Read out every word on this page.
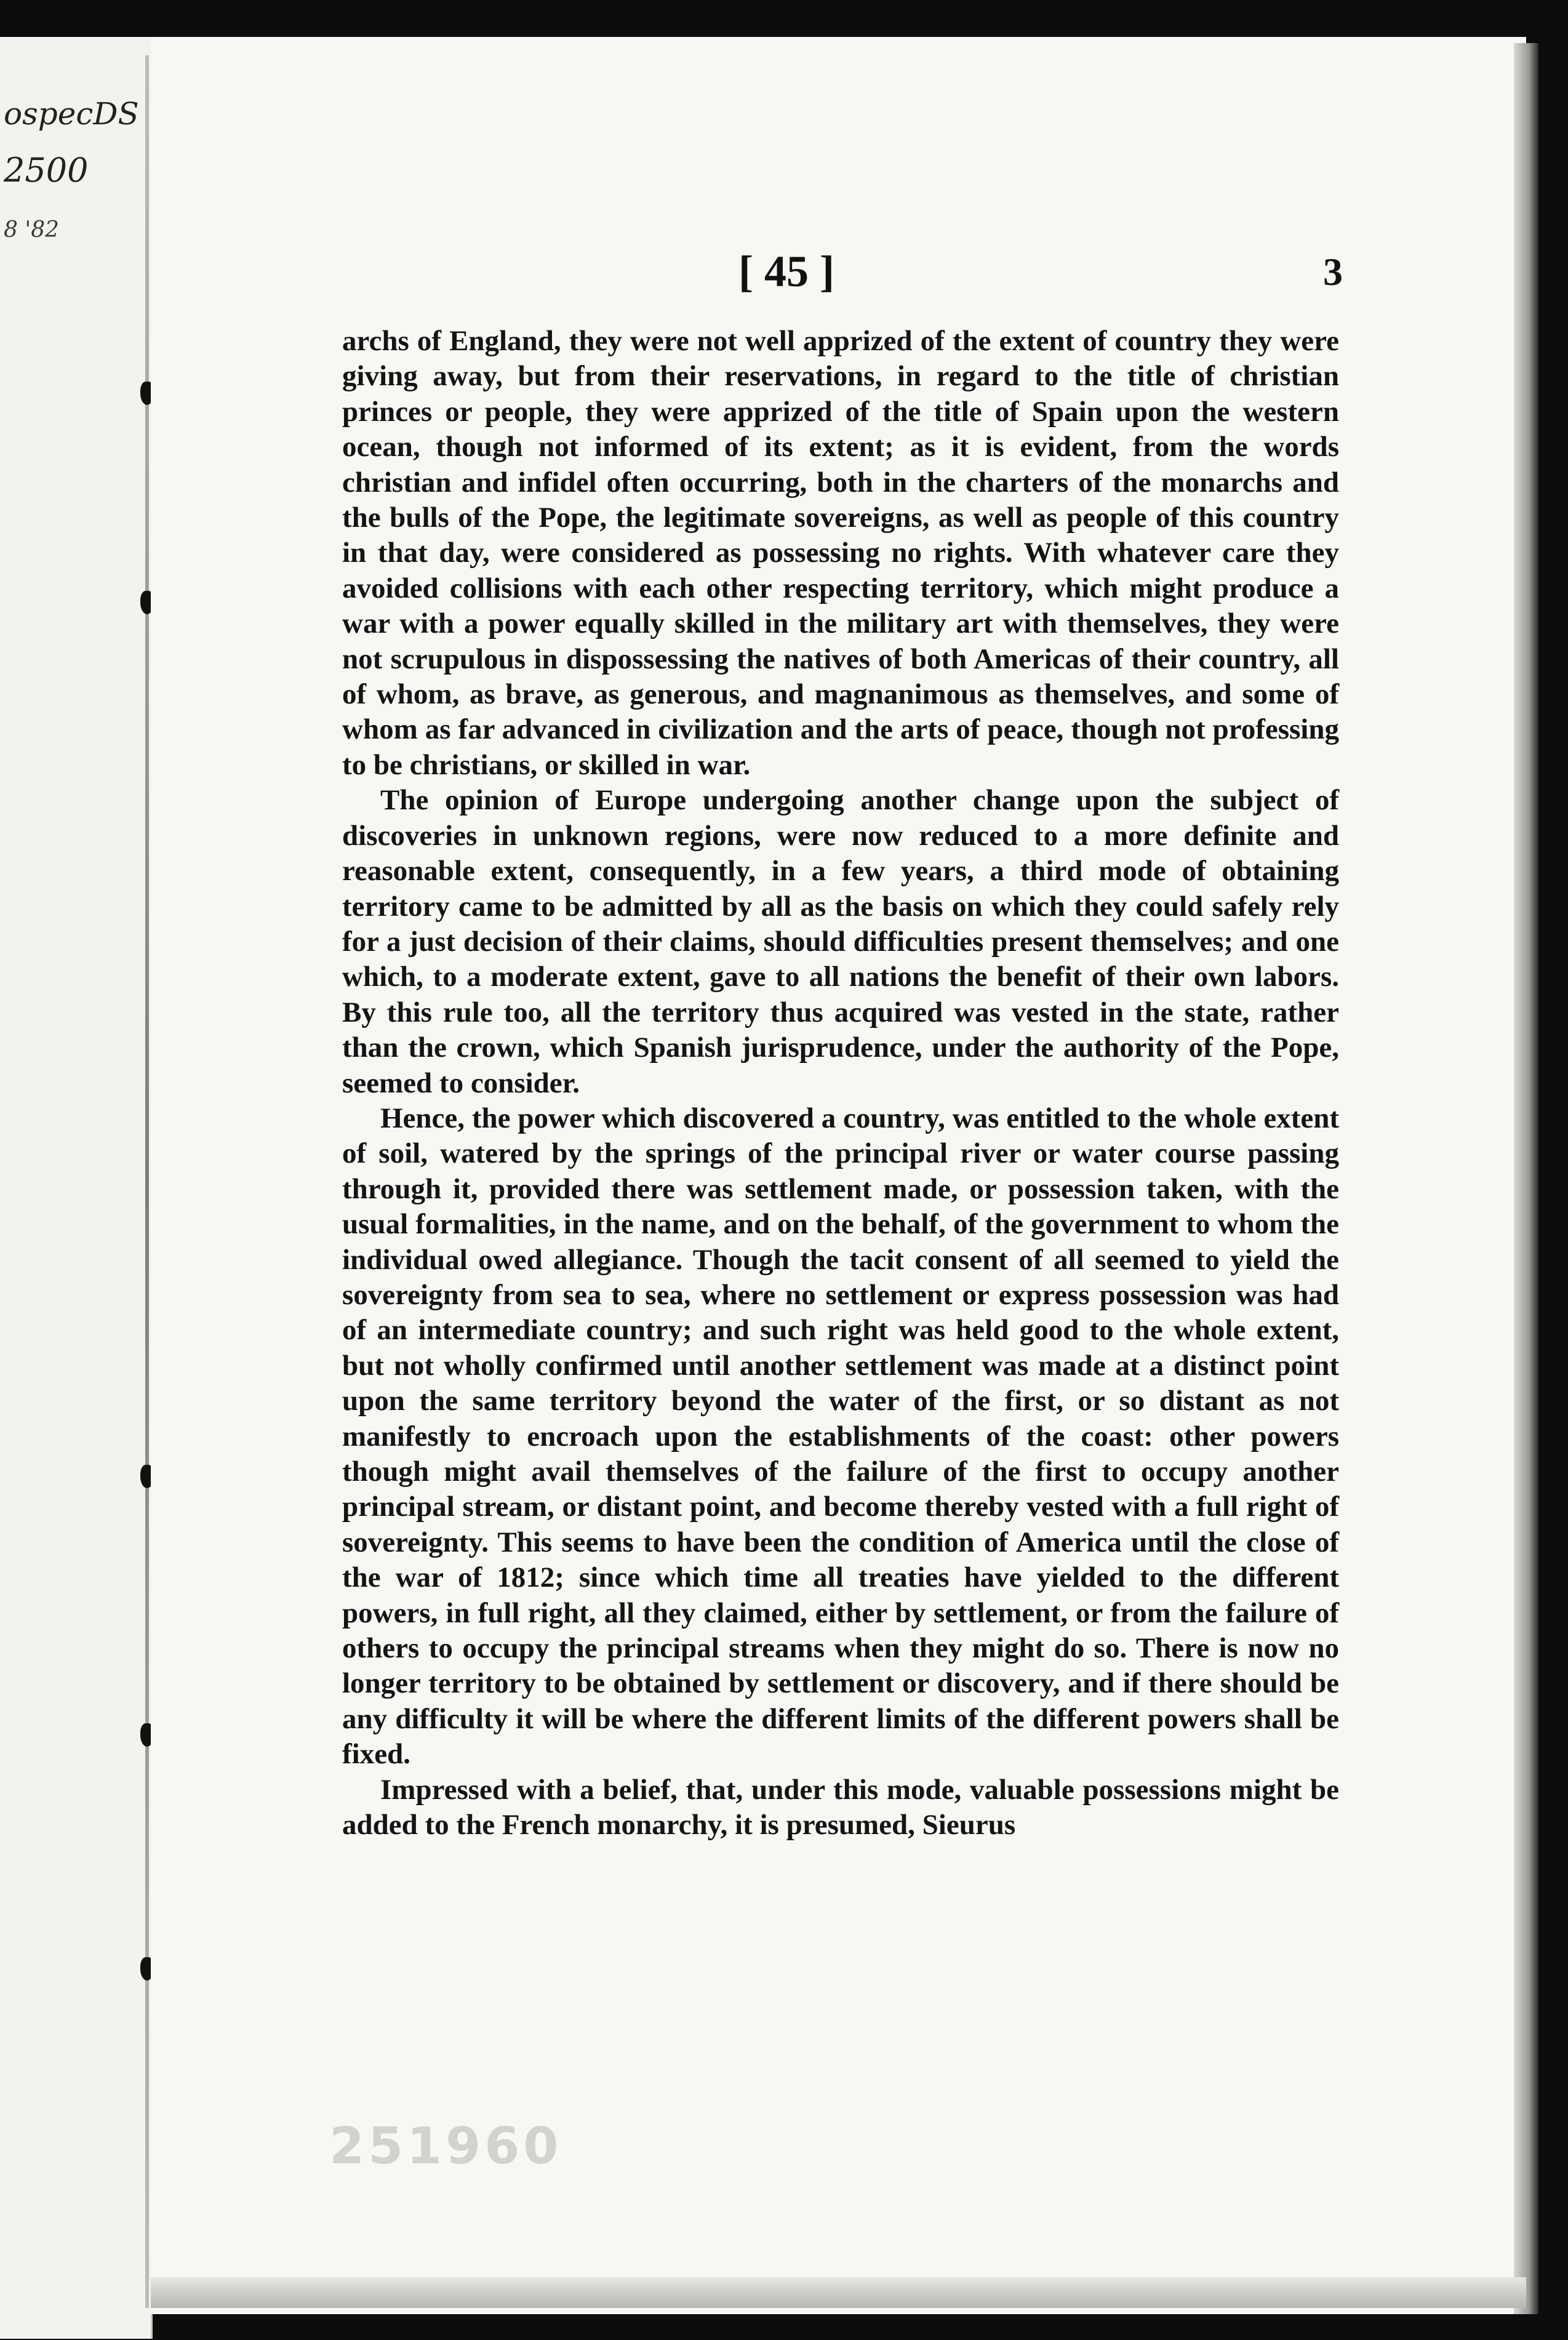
ospecDS
2500
8 '82
[ 45 ]	3

archs of England, they were not well apprized of the extent of country they were giving away, but from their reservations, in regard to the title of christian princes or people, they were apprized of the title of Spain upon the western ocean, though not informed of its extent; as it is evident, from the words christian and infidel often occurring, both in the charters of the monarchs and the bulls of the Pope, the legitimate sovereigns, as well as people of this country in that day, were considered as possessing no rights. With whatever care they avoided collisions with each other respecting territory, which might produce a war with a power equally skilled in the military art with themselves, they were not scrupulous in dispossessing the natives of both Americas of their country, all of whom, as brave, as generous, and magnanimous as themselves, and some of whom as far advanced in civilization and the arts of peace, though not professing to be christians, or skilled in war.

The opinion of Europe undergoing another change upon the subject of discoveries in unknown regions, were now reduced to a more definite and reasonable extent, consequently, in a few years, a third mode of obtaining territory came to be admitted by all as the basis on which they could safely rely for a just decision of their claims, should difficulties present themselves; and one which, to a moderate extent, gave to all nations the benefit of their own labors. By this rule too, all the territory thus acquired was vested in the state, rather than the crown, which Spanish jurisprudence, under the authority of the Pope, seemed to consider.

Hence, the power which discovered a country, was entitled to the whole extent of soil, watered by the springs of the principal river or water course passing through it, provided there was settlement made, or possession taken, with the usual formalities, in the name, and on the behalf, of the government to whom the individual owed allegiance. Though the tacit consent of all seemed to yield the sovereignty from sea to sea, where no settlement or express possession was had of an intermediate country; and such right was held good to the whole extent, but not wholly confirmed until another settlement was made at a distinct point upon the same territory beyond the water of the first, or so distant as not manifestly to encroach upon the establishments of the coast: other powers though might avail themselves of the failure of the first to occupy another principal stream, or distant point, and become thereby vested with a full right of sovereignty. This seems to have been the condition of America until the close of the war of 1812; since which time all treaties have yielded to the different powers, in full right, all they claimed, either by settlement, or from the failure of others to occupy the principal streams when they might do so. There is now no longer territory to be obtained by settlement or discovery, and if there should be any difficulty it will be where the different limits of the different powers shall be fixed.

Impressed with a belief, that, under this mode, valuable possessions might be added to the French monarchy, it is presumed, Sieurus

251960
